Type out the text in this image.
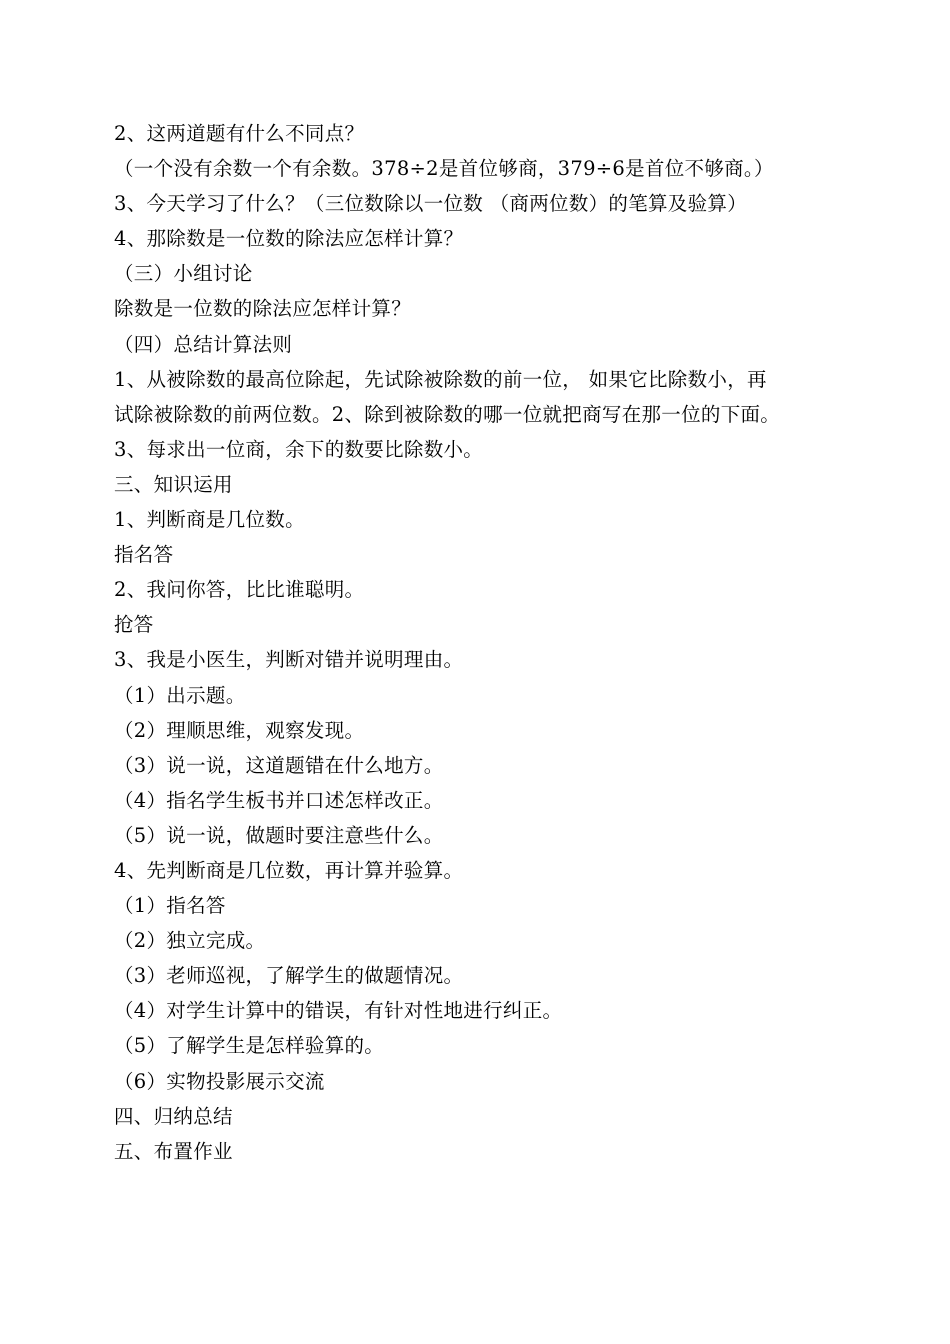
2、这两道题有什么不同点？
（一个没有余数一个有余数。378÷2是首位够商，379÷6是首位不够商。）
3、今天学习了什么？（三位数除以一位数 （商两位数）的笔算及验算）
4、那除数是一位数的除法应怎样计算？
（三）小组讨论
除数是一位数的除法应怎样计算？
（四）总结计算法则
1、从被除数的最高位除起，先试除被除数的前一位， 如果它比除数小，再
试除被除数的前两位数。2、除到被除数的哪一位就把商写在那一位的下面。
3、每求出一位商，余下的数要比除数小。
三、知识运用
1、判断商是几位数。
指名答
2、我问你答，比比谁聪明。
抢答
3、我是小医生，判断对错并说明理由。
（1）出示题。
（2）理顺思维，观察发现。
（3）说一说，这道题错在什么地方。
（4）指名学生板书并口述怎样改正。
（5）说一说，做题时要注意些什么。
4、先判断商是几位数，再计算并验算。
（1）指名答
（2）独立完成。
（3）老师巡视，了解学生的做题情况。
（4）对学生计算中的错误，有针对性地进行纠正。
（5）了解学生是怎样验算的。
（6）实物投影展示交流
四、归纳总结
五、布置作业
